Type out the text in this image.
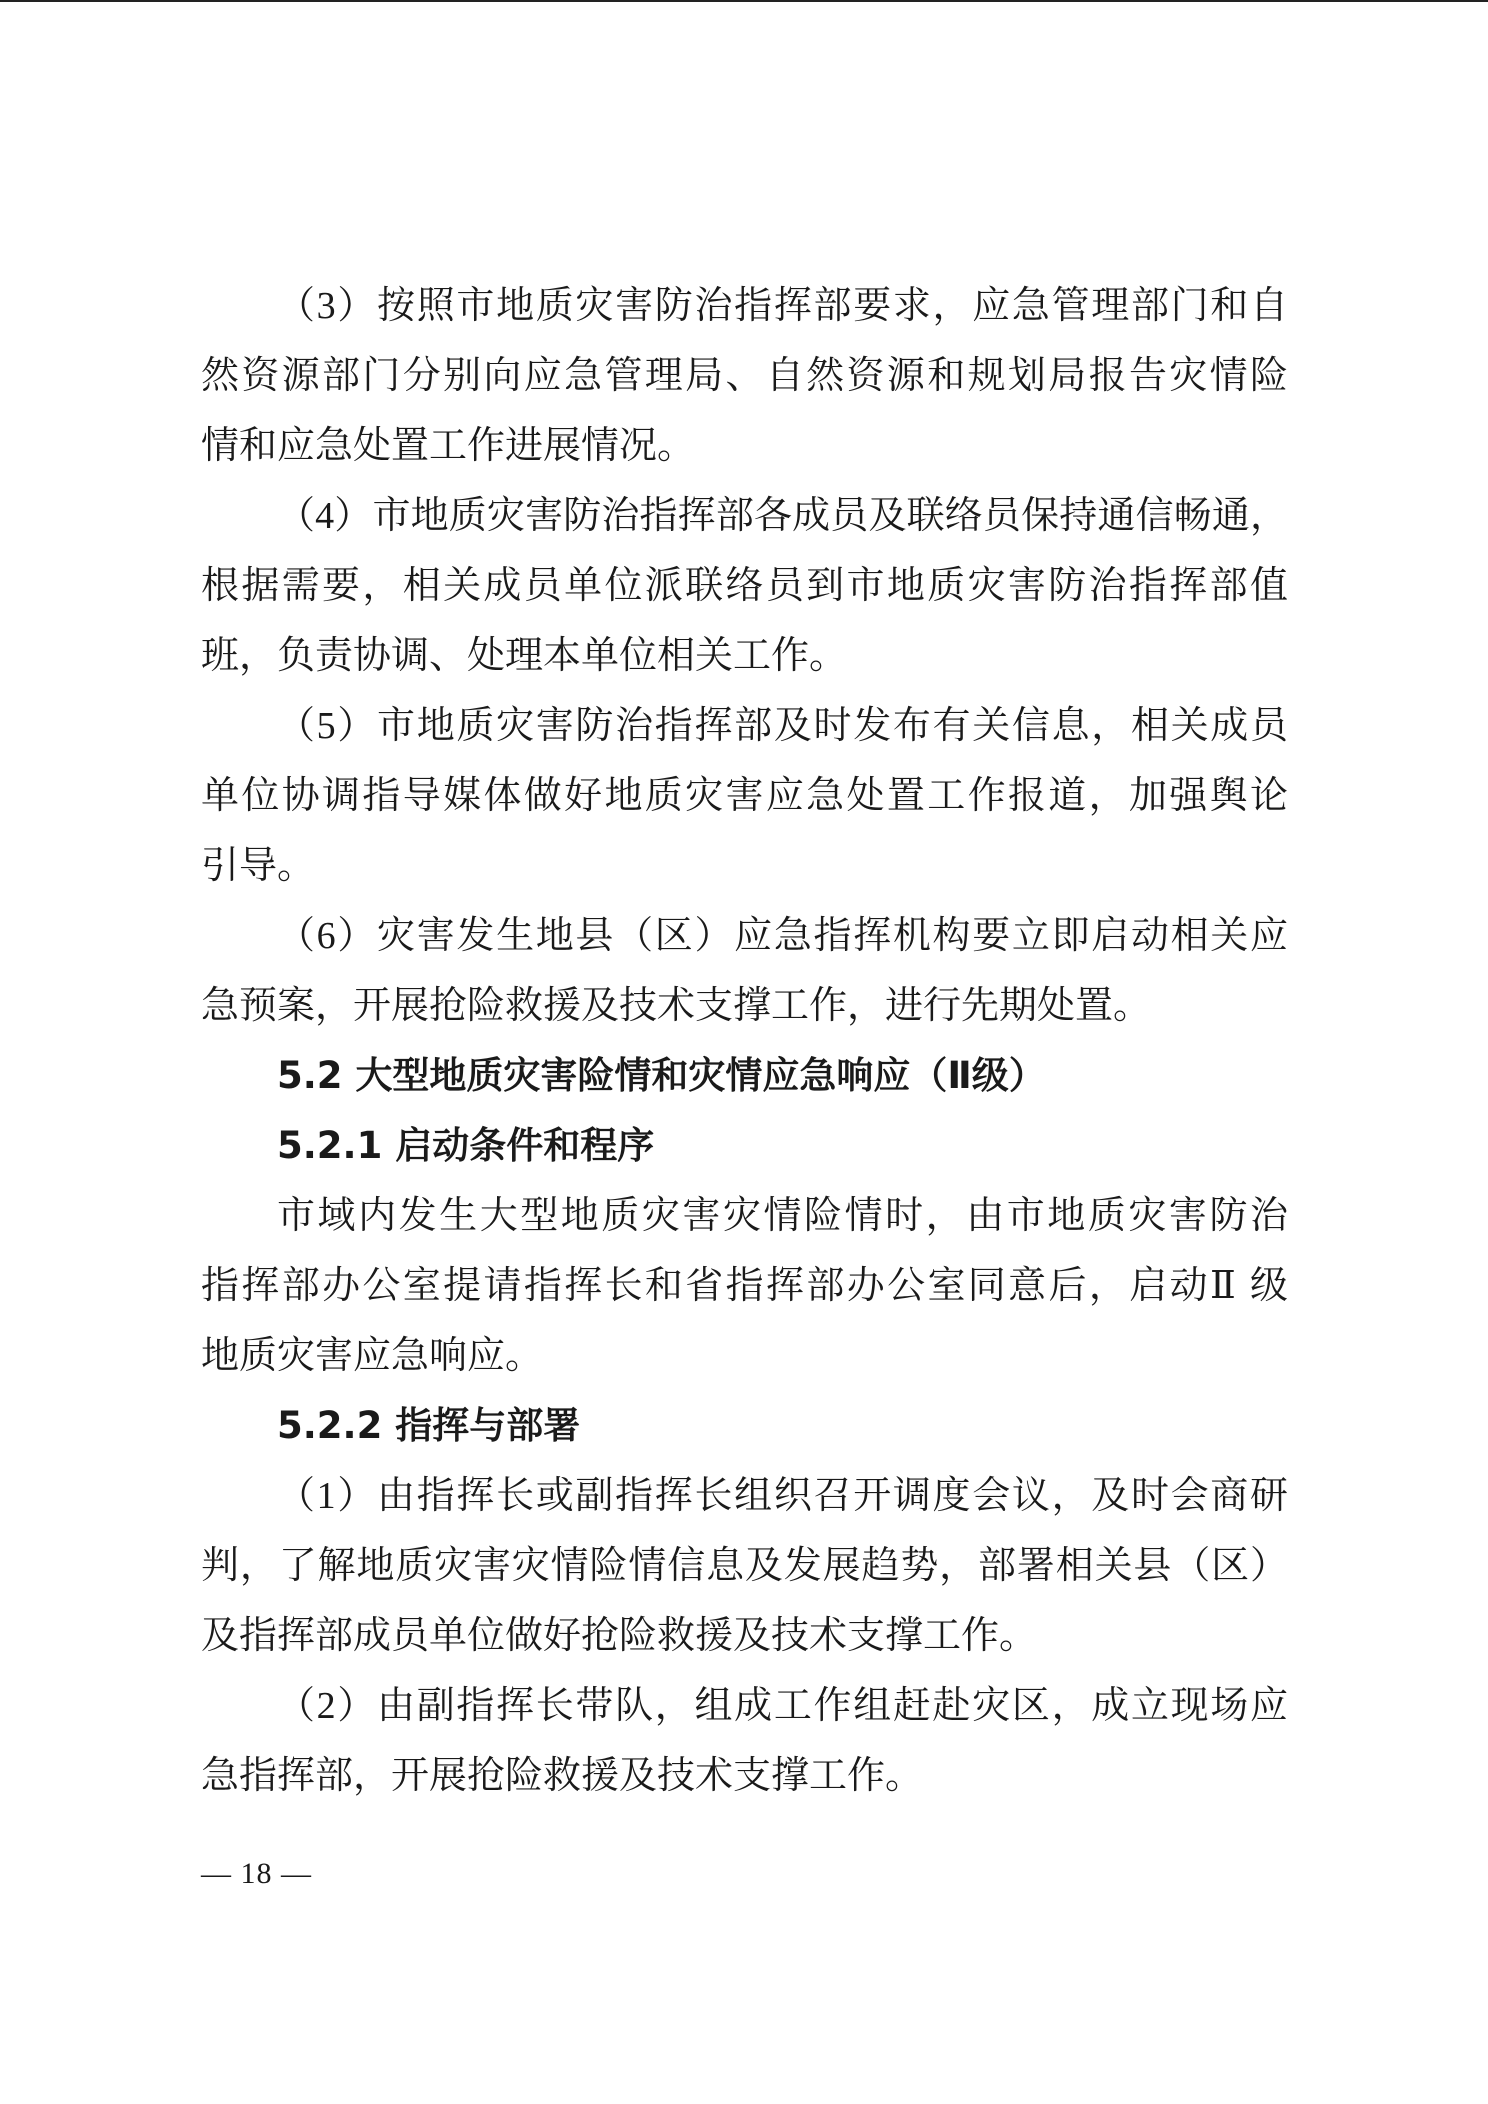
（3）按照市地质灾害防治指挥部要求，应急管理部门和自
然资源部门分别向应急管理局、自然资源和规划局报告灾情险
情和应急处置工作进展情况。
（4）市地质灾害防治指挥部各成员及联络员保持通信畅通，
根据需要，相关成员单位派联络员到市地质灾害防治指挥部值
班，负责协调、处理本单位相关工作。
（5）市地质灾害防治指挥部及时发布有关信息，相关成员
单位协调指导媒体做好地质灾害应急处置工作报道，加强舆论
引导。
（6）灾害发生地县（区）应急指挥机构要立即启动相关应
急预案，开展抢险救援及技术支撑工作，进行先期处置。
5.2 大型地质灾害险情和灾情应急响应（Ⅱ级）
5.2.1 启动条件和程序
市域内发生大型地质灾害灾情险情时，由市地质灾害防治
指挥部办公室提请指挥长和省指挥部办公室同意后，启动Ⅱ 级
地质灾害应急响应。
5.2.2 指挥与部署
（1）由指挥长或副指挥长组织召开调度会议，及时会商研
判，了解地质灾害灾情险情信息及发展趋势，部署相关县（区）
及指挥部成员单位做好抢险救援及技术支撑工作。
（2）由副指挥长带队，组成工作组赶赴灾区，成立现场应
急指挥部，开展抢险救援及技术支撑工作。
— 18 —
